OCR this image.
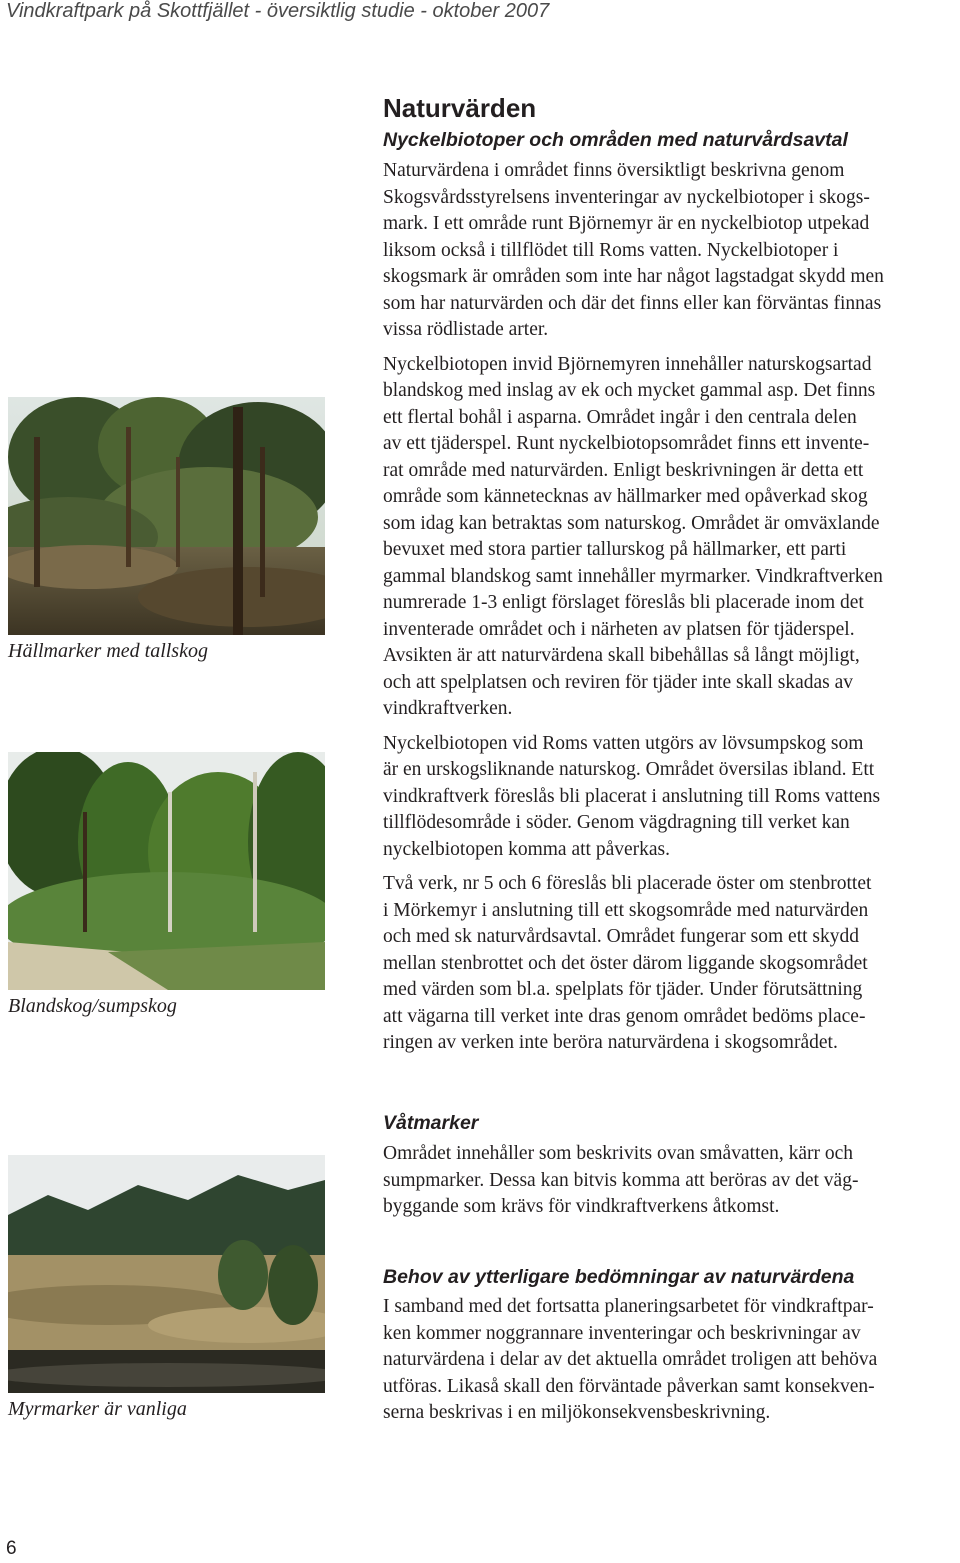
Vindkraftpark på Skottfjället - översiktlig studie - oktober 2007
Hällmarker med tallskog
Blandskog/sumpskog
Myrmarker är vanliga
Naturvärden
Nyckelbiotoper och områden med naturvårdsavtal

Naturvärdena i området finns översiktligt beskrivna genom
Skogsvårdsstyrelsens inventeringar av nyckelbiotoper i skogs-
mark. I ett område runt Björnemyr är en nyckelbiotop utpekad
liksom också i tillflödet till Roms vatten. Nyckelbiotoper i
skogsmark är områden som inte har något lagstadgat skydd men
som har naturvärden och där det finns eller kan förväntas finnas
vissa rödlistade arter.

Nyckelbiotopen invid Björnemyren innehåller naturskogsartad
blandskog med inslag av ek och mycket gammal asp. Det finns
ett flertal bohål i asparna. Området ingår i den centrala delen
av ett tjäderspel. Runt nyckelbiotopsområdet finns ett invente-
rat område med naturvärden. Enligt beskrivningen är detta ett
område som kännetecknas av hällmarker med opåverkad skog
som idag kan betraktas som naturskog. Området är omväxlande
bevuxet med stora partier tallurskog på hällmarker, ett parti
gammal blandskog samt innehåller myrmarker. Vindkraftverken
numrerade 1-3 enligt förslaget föreslås bli placerade inom det
inventerade området och i närheten av platsen för tjäderspel.
Avsikten är att naturvärdena skall bibehållas så långt möjligt,
och att spelplatsen och reviren för tjäder inte skall skadas av
vindkraftverken.

Nyckelbiotopen vid Roms vatten utgörs av lövsumpskog som
är en urskogsliknande naturskog. Området översilas ibland. Ett
vindkraftverk föreslås bli placerat i anslutning till Roms vattens
tillflödesområde i söder. Genom vägdragning till verket kan
nyckelbiotopen komma att påverkas.

Två verk, nr 5 och 6 föreslås bli placerade öster om stenbrottet
i Mörkemyr i anslutning till ett skogsområde med naturvärden
och med sk naturvårdsavtal. Området fungerar som ett skydd
mellan stenbrottet och det öster därom liggande skogsområdet
med värden som bl.a. spelplats för tjäder. Under förutsättning
att vägarna till verket inte dras genom området bedöms place-
ringen av verken inte beröra naturvärdena i skogsområdet.

Våtmarker

Området innehåller som beskrivits ovan småvatten, kärr och
sumpmarker. Dessa kan bitvis komma att beröras av det väg-
byggande som krävs för vindkraftverkens åtkomst.

Behov av ytterligare bedömningar av naturvärdena

I samband med det fortsatta planeringsarbetet för vindkraftpar-
ken kommer noggrannare inventeringar och beskrivningar av
naturvärdena i delar av det aktuella området troligen att behöva
utföras. Likaså skall den förväntade påverkan samt konsekven-
serna beskrivas i en miljökonsekvensbeskrivning.

6
